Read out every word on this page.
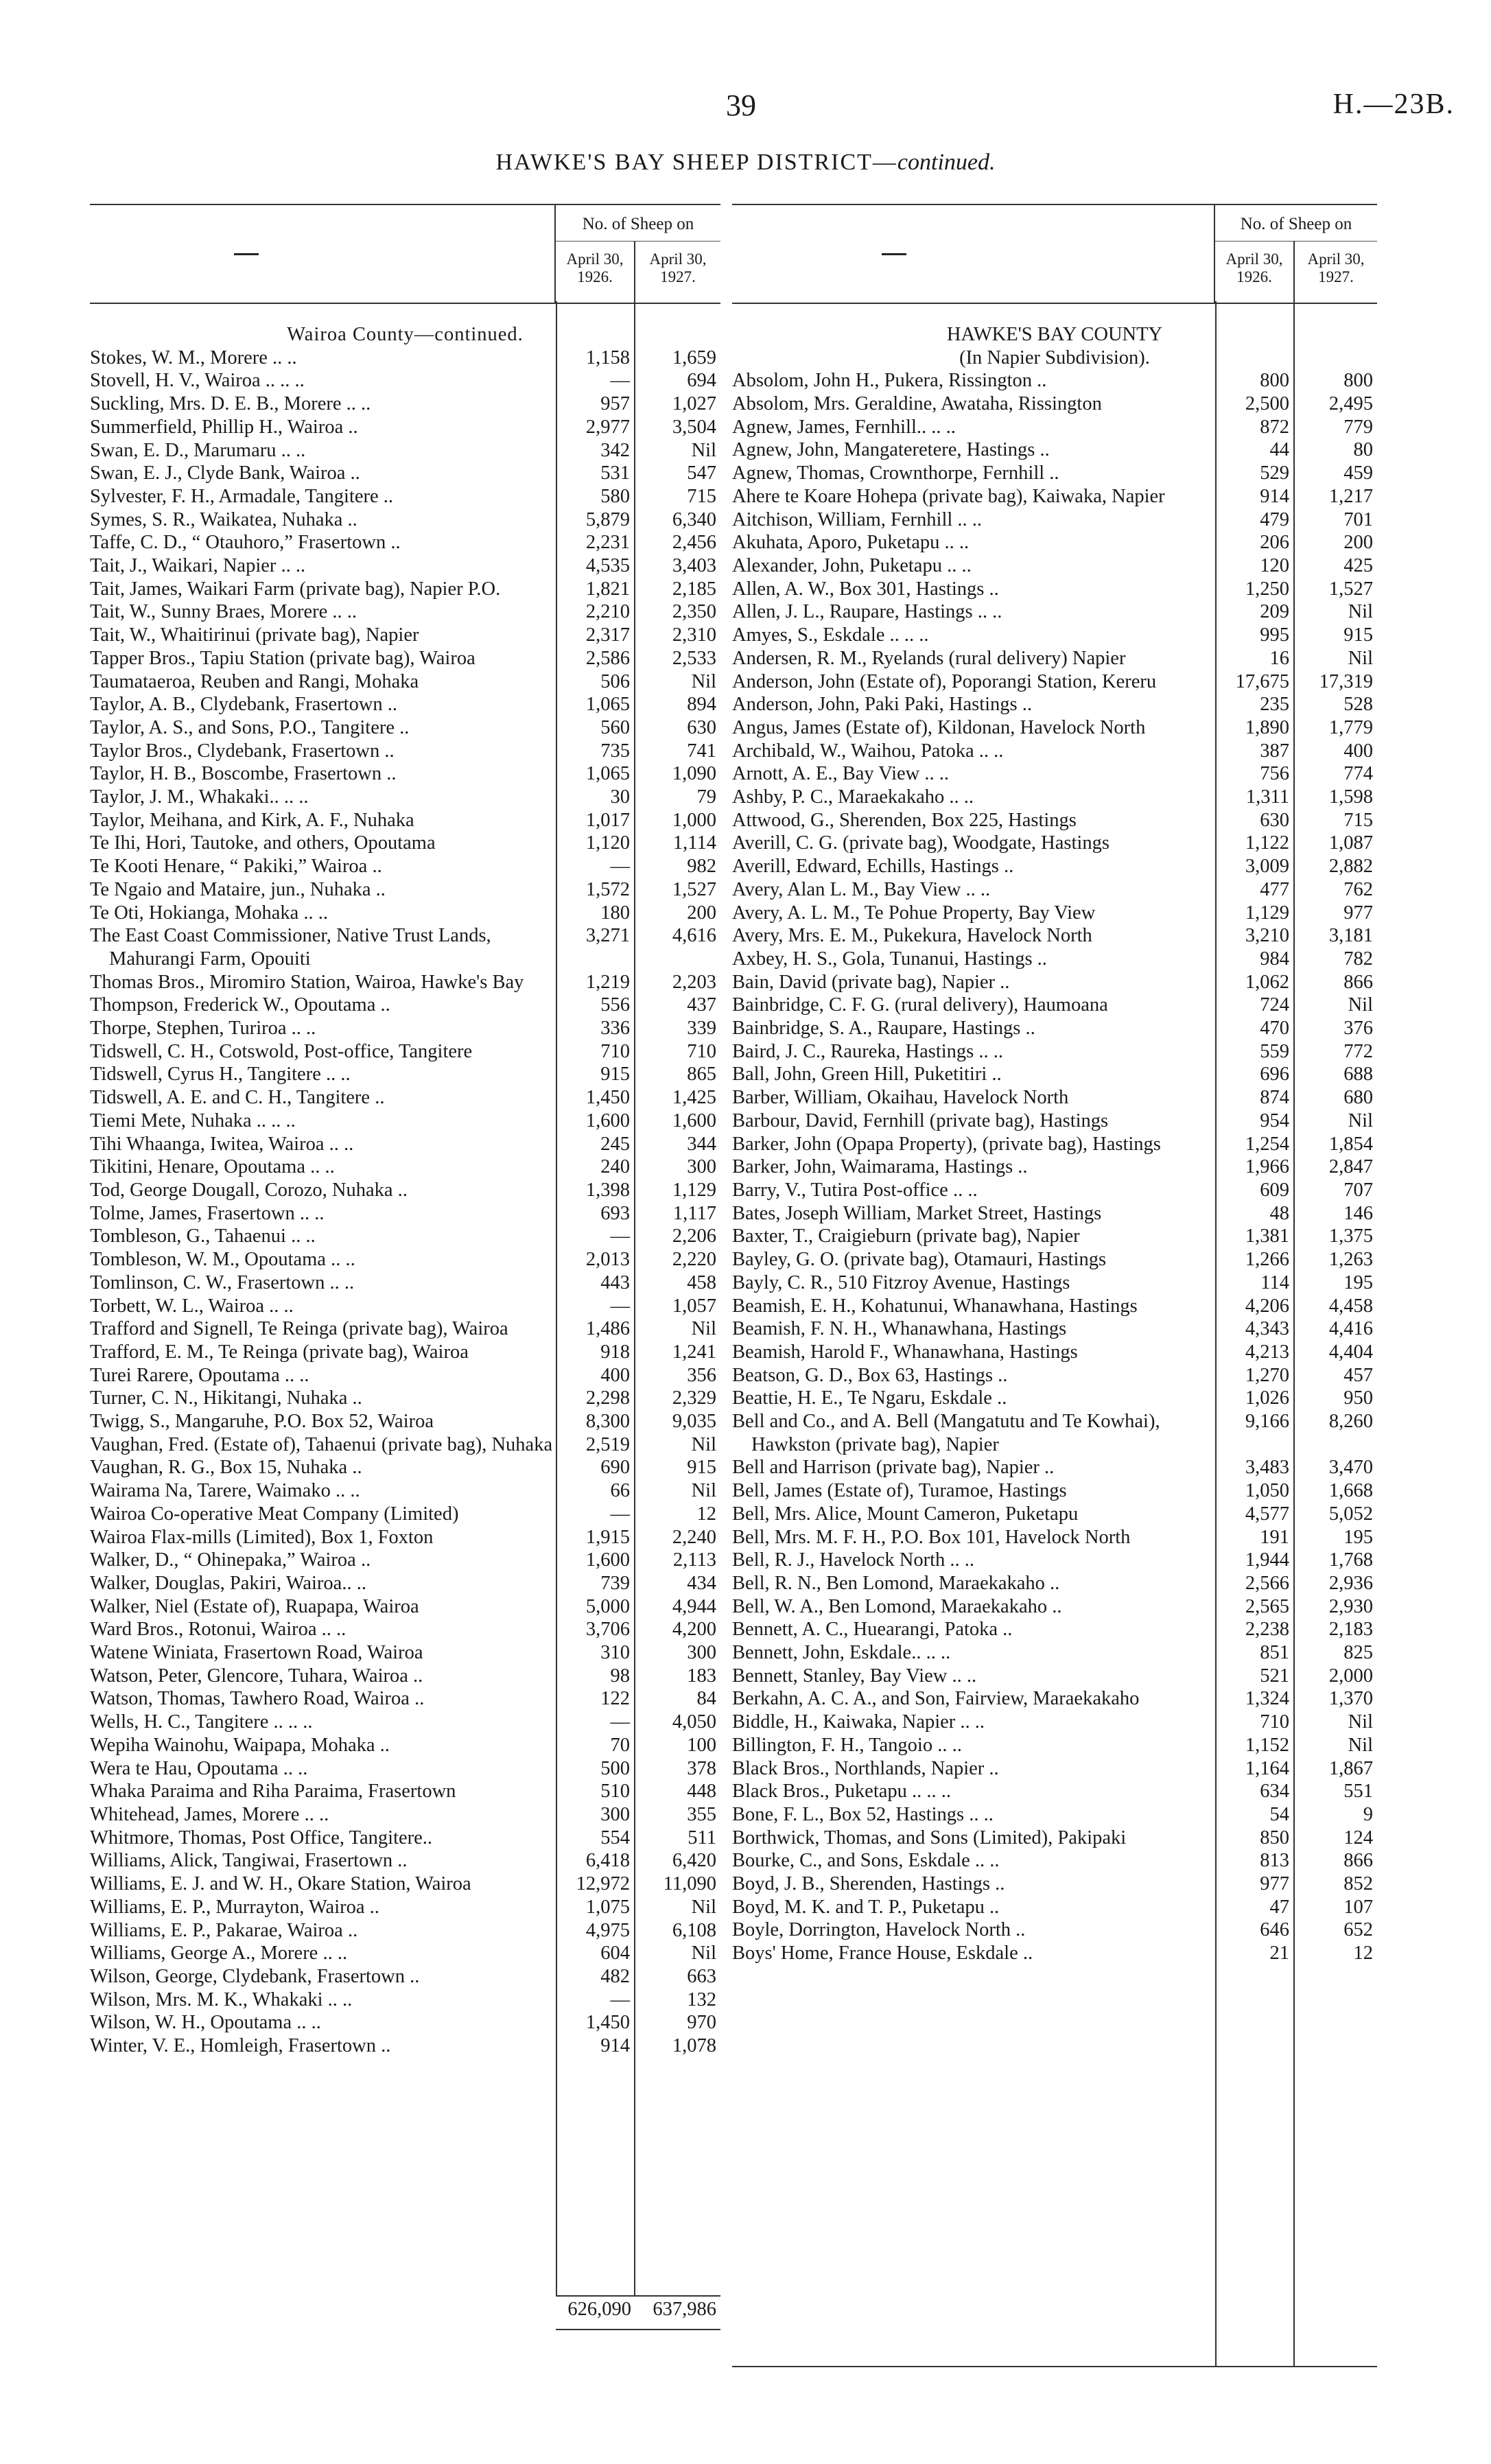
39	H.—23B.
HAWKE'S BAY SHEEP DISTRICT—continued.
No. of Sheep on
April 30, 1926.
April 30, 1927.
Wairoa County—continued.
Stokes, W. M., Morere .. ..	1,158	1,659
Stovell, H. V., Wairoa .. .. ..	—	694
Suckling, Mrs. D. E. B., Morere .. ..	957	1,027
Summerfield, Phillip H., Wairoa ..	2,977	3,504
Swan, E. D., Marumaru .. ..	342	Nil
Swan, E. J., Clyde Bank, Wairoa ..	531	547
Sylvester, F. H., Armadale, Tangitere ..	580	715
Symes, S. R., Waikatea, Nuhaka ..	5,879	6,340
Taffe, C. D., “ Otauhoro,” Frasertown ..	2,231	2,456
Tait, J., Waikari, Napier .. ..	4,535	3,403
Tait, James, Waikari Farm (private bag), Napier P.O.	1,821	2,185
Tait, W., Sunny Braes, Morere .. ..	2,210	2,350
Tait, W., Whaitirinui (private bag), Napier	2,317	2,310
Tapper Bros., Tapiu Station (private bag), Wairoa	2,586	2,533
Taumataeroa, Reuben and Rangi, Mohaka	506	Nil
Taylor, A. B., Clydebank, Frasertown ..	1,065	894
Taylor, A. S., and Sons, P.O., Tangitere ..	560	630
Taylor Bros., Clydebank, Frasertown ..	735	741
Taylor, H. B., Boscombe, Frasertown ..	1,065	1,090
Taylor, J. M., Whakaki.. .. ..	30	79
Taylor, Meihana, and Kirk, A. F., Nuhaka	1,017	1,000
Te Ihi, Hori, Tautoke, and others, Opoutama	1,120	1,114
Te Kooti Henare, “ Pakiki,” Wairoa ..	—	982
Te Ngaio and Mataire, jun., Nuhaka ..	1,572	1,527
Te Oti, Hokianga, Mohaka .. ..	180	200
The East Coast Commissioner, Native Trust Lands, Mahurangi Farm, Opouiti
3,271	4,616
Thomas Bros., Miromiro Station, Wairoa, Hawke's Bay	1,219	2,203
Thompson, Frederick W., Opoutama ..	556	437
Thorpe, Stephen, Turiroa .. ..	336	339
Tidswell, C. H., Cotswold, Post-office, Tangitere	710	710
Tidswell, Cyrus H., Tangitere .. ..	915	865
Tidswell, A. E. and C. H., Tangitere ..	1,450	1,425
Tiemi Mete, Nuhaka .. .. ..	1,600	1,600
Tihi Whaanga, Iwitea, Wairoa .. ..	245	344
Tikitini, Henare, Opoutama .. ..	240	300
Tod, George Dougall, Corozo, Nuhaka ..	1,398	1,129
Tolme, James, Frasertown .. ..	693	1,117
Tombleson, G., Tahaenui .. ..	—	2,206
Tombleson, W. M., Opoutama .. ..	2,013	2,220
Tomlinson, C. W., Frasertown .. ..	443	458
Torbett, W. L., Wairoa .. ..	—	1,057
Trafford and Signell, Te Reinga (private bag), Wairoa	1,486	Nil
Trafford, E. M., Te Reinga (private bag), Wairoa	918	1,241
Turei Rarere, Opoutama .. ..	400	356
Turner, C. N., Hikitangi, Nuhaka ..	2,298	2,329
Twigg, S., Mangaruhe, P.O. Box 52, Wairoa	8,300	9,035
Vaughan, Fred. (Estate of), Tahaenui (private bag), Nuhaka	2,519	Nil
Vaughan, R. G., Box 15, Nuhaka ..	690	915
Wairama Na, Tarere, Waimako .. ..	66	Nil
Wairoa Co-operative Meat Company (Limited)	—	12
Wairoa Flax-mills (Limited), Box 1, Foxton	1,915	2,240
Walker, D., “ Ohinepaka,” Wairoa ..	1,600	2,113
Walker, Douglas, Pakiri, Wairoa.. ..	739	434
Walker, Niel (Estate of), Ruapapa, Wairoa	5,000	4,944
Ward Bros., Rotonui, Wairoa .. ..	3,706	4,200
Watene Winiata, Frasertown Road, Wairoa	310	300
Watson, Peter, Glencore, Tuhara, Wairoa ..	98	183
Watson, Thomas, Tawhero Road, Wairoa ..	122	84
Wells, H. C., Tangitere .. .. ..	—	4,050
Wepiha Wainohu, Waipapa, Mohaka ..	70	100
Wera te Hau, Opoutama .. ..	500	378
Whaka Paraima and Riha Paraima, Frasertown	510	448
Whitehead, James, Morere .. ..	300	355
Whitmore, Thomas, Post Office, Tangitere..	554	511
Williams, Alick, Tangiwai, Frasertown ..	6,418	6,420
Williams, E. J. and W. H., Okare Station, Wairoa	12,972	11,090
Williams, E. P., Murrayton, Wairoa ..	1,075	Nil
Williams, E. P., Pakarae, Wairoa ..	4,975	6,108
Williams, George A., Morere .. ..	604	Nil
Wilson, George, Clydebank, Frasertown ..	482	663
Wilson, Mrs. M. K., Whakaki .. ..	—	132
Wilson, W. H., Opoutama .. ..	1,450	970
Winter, V. E., Homleigh, Frasertown ..	914	1,078
626,090	637,986
No. of Sheep on
April 30, 1926.
April 30, 1927.
HAWKE'S BAY COUNTY
(In Napier Subdivision).
Absolom, John H., Pukera, Rissington ..	800	800
Absolom, Mrs. Geraldine, Awataha, Rissington	2,500	2,495
Agnew, James, Fernhill.. .. ..	872	779
Agnew, John, Mangateretere, Hastings ..	44	80
Agnew, Thomas, Crownthorpe, Fernhill ..	529	459
Ahere te Koare Hohepa (private bag), Kaiwaka, Napier	914	1,217
Aitchison, William, Fernhill .. ..	479	701
Akuhata, Aporo, Puketapu .. ..	206	200
Alexander, John, Puketapu .. ..	120	425
Allen, A. W., Box 301, Hastings ..	1,250	1,527
Allen, J. L., Raupare, Hastings .. ..	209	Nil
Amyes, S., Eskdale .. .. ..	995	915
Andersen, R. M., Ryelands (rural delivery) Napier	16	Nil
Anderson, John (Estate of), Poporangi Station, Kereru	17,675	17,319
Anderson, John, Paki Paki, Hastings ..	235	528
Angus, James (Estate of), Kildonan, Havelock North	1,890	1,779
Archibald, W., Waihou, Patoka .. ..	387	400
Arnott, A. E., Bay View .. ..	756	774
Ashby, P. C., Maraekakaho .. ..	1,311	1,598
Attwood, G., Sherenden, Box 225, Hastings	630	715
Averill, C. G. (private bag), Woodgate, Hastings	1,122	1,087
Averill, Edward, Echills, Hastings ..	3,009	2,882
Avery, Alan L. M., Bay View .. ..	477	762
Avery, A. L. M., Te Pohue Property, Bay View	1,129	977
Avery, Mrs. E. M., Pukekura, Havelock North	3,210	3,181
Axbey, H. S., Gola, Tunanui, Hastings ..	984	782
Bain, David (private bag), Napier ..	1,062	866
Bainbridge, C. F. G. (rural delivery), Haumoana	724	Nil
Bainbridge, S. A., Raupare, Hastings ..	470	376
Baird, J. C., Raureka, Hastings .. ..	559	772
Ball, John, Green Hill, Puketitiri ..	696	688
Barber, William, Okaihau, Havelock North	874	680
Barbour, David, Fernhill (private bag), Hastings	954	Nil
Barker, John (Opapa Property), (private bag), Hastings	1,254	1,854
Barker, John, Waimarama, Hastings ..	1,966	2,847
Barry, V., Tutira Post-office .. ..	609	707
Bates, Joseph William, Market Street, Hastings	48	146
Baxter, T., Craigieburn (private bag), Napier	1,381	1,375
Bayley, G. O. (private bag), Otamauri, Hastings	1,266	1,263
Bayly, C. R., 510 Fitzroy Avenue, Hastings	114	195
Beamish, E. H., Kohatunui, Whanawhana, Hastings	4,206	4,458
Beamish, F. N. H., Whanawhana, Hastings	4,343	4,416
Beamish, Harold F., Whanawhana, Hastings	4,213	4,404
Beatson, G. D., Box 63, Hastings ..	1,270	457
Beattie, H. E., Te Ngaru, Eskdale ..	1,026	950
Bell and Co., and A. Bell (Mangatutu and Te Kowhai), Hawkston (private bag), Napier
9,166	8,260
Bell and Harrison (private bag), Napier ..	3,483	3,470
Bell, James (Estate of), Turamoe, Hastings	1,050	1,668
Bell, Mrs. Alice, Mount Cameron, Puketapu	4,577	5,052
Bell, Mrs. M. F. H., P.O. Box 101, Havelock North	191	195
Bell, R. J., Havelock North .. ..	1,944	1,768
Bell, R. N., Ben Lomond, Maraekakaho ..	2,566	2,936
Bell, W. A., Ben Lomond, Maraekakaho ..	2,565	2,930
Bennett, A. C., Huearangi, Patoka ..	2,238	2,183
Bennett, John, Eskdale.. .. ..	851	825
Bennett, Stanley, Bay View .. ..	521	2,000
Berkahn, A. C. A., and Son, Fairview, Maraekakaho	1,324	1,370
Biddle, H., Kaiwaka, Napier .. ..	710	Nil
Billington, F. H., Tangoio .. ..	1,152	Nil
Black Bros., Northlands, Napier ..	1,164	1,867
Black Bros., Puketapu .. .. ..	634	551
Bone, F. L., Box 52, Hastings .. ..	54	9
Borthwick, Thomas, and Sons (Limited), Pakipaki	850	124
Bourke, C., and Sons, Eskdale .. ..	813	866
Boyd, J. B., Sherenden, Hastings ..	977	852
Boyd, M. K. and T. P., Puketapu ..	47	107
Boyle, Dorrington, Havelock North ..	646	652
Boys' Home, France House, Eskdale ..	21	12
